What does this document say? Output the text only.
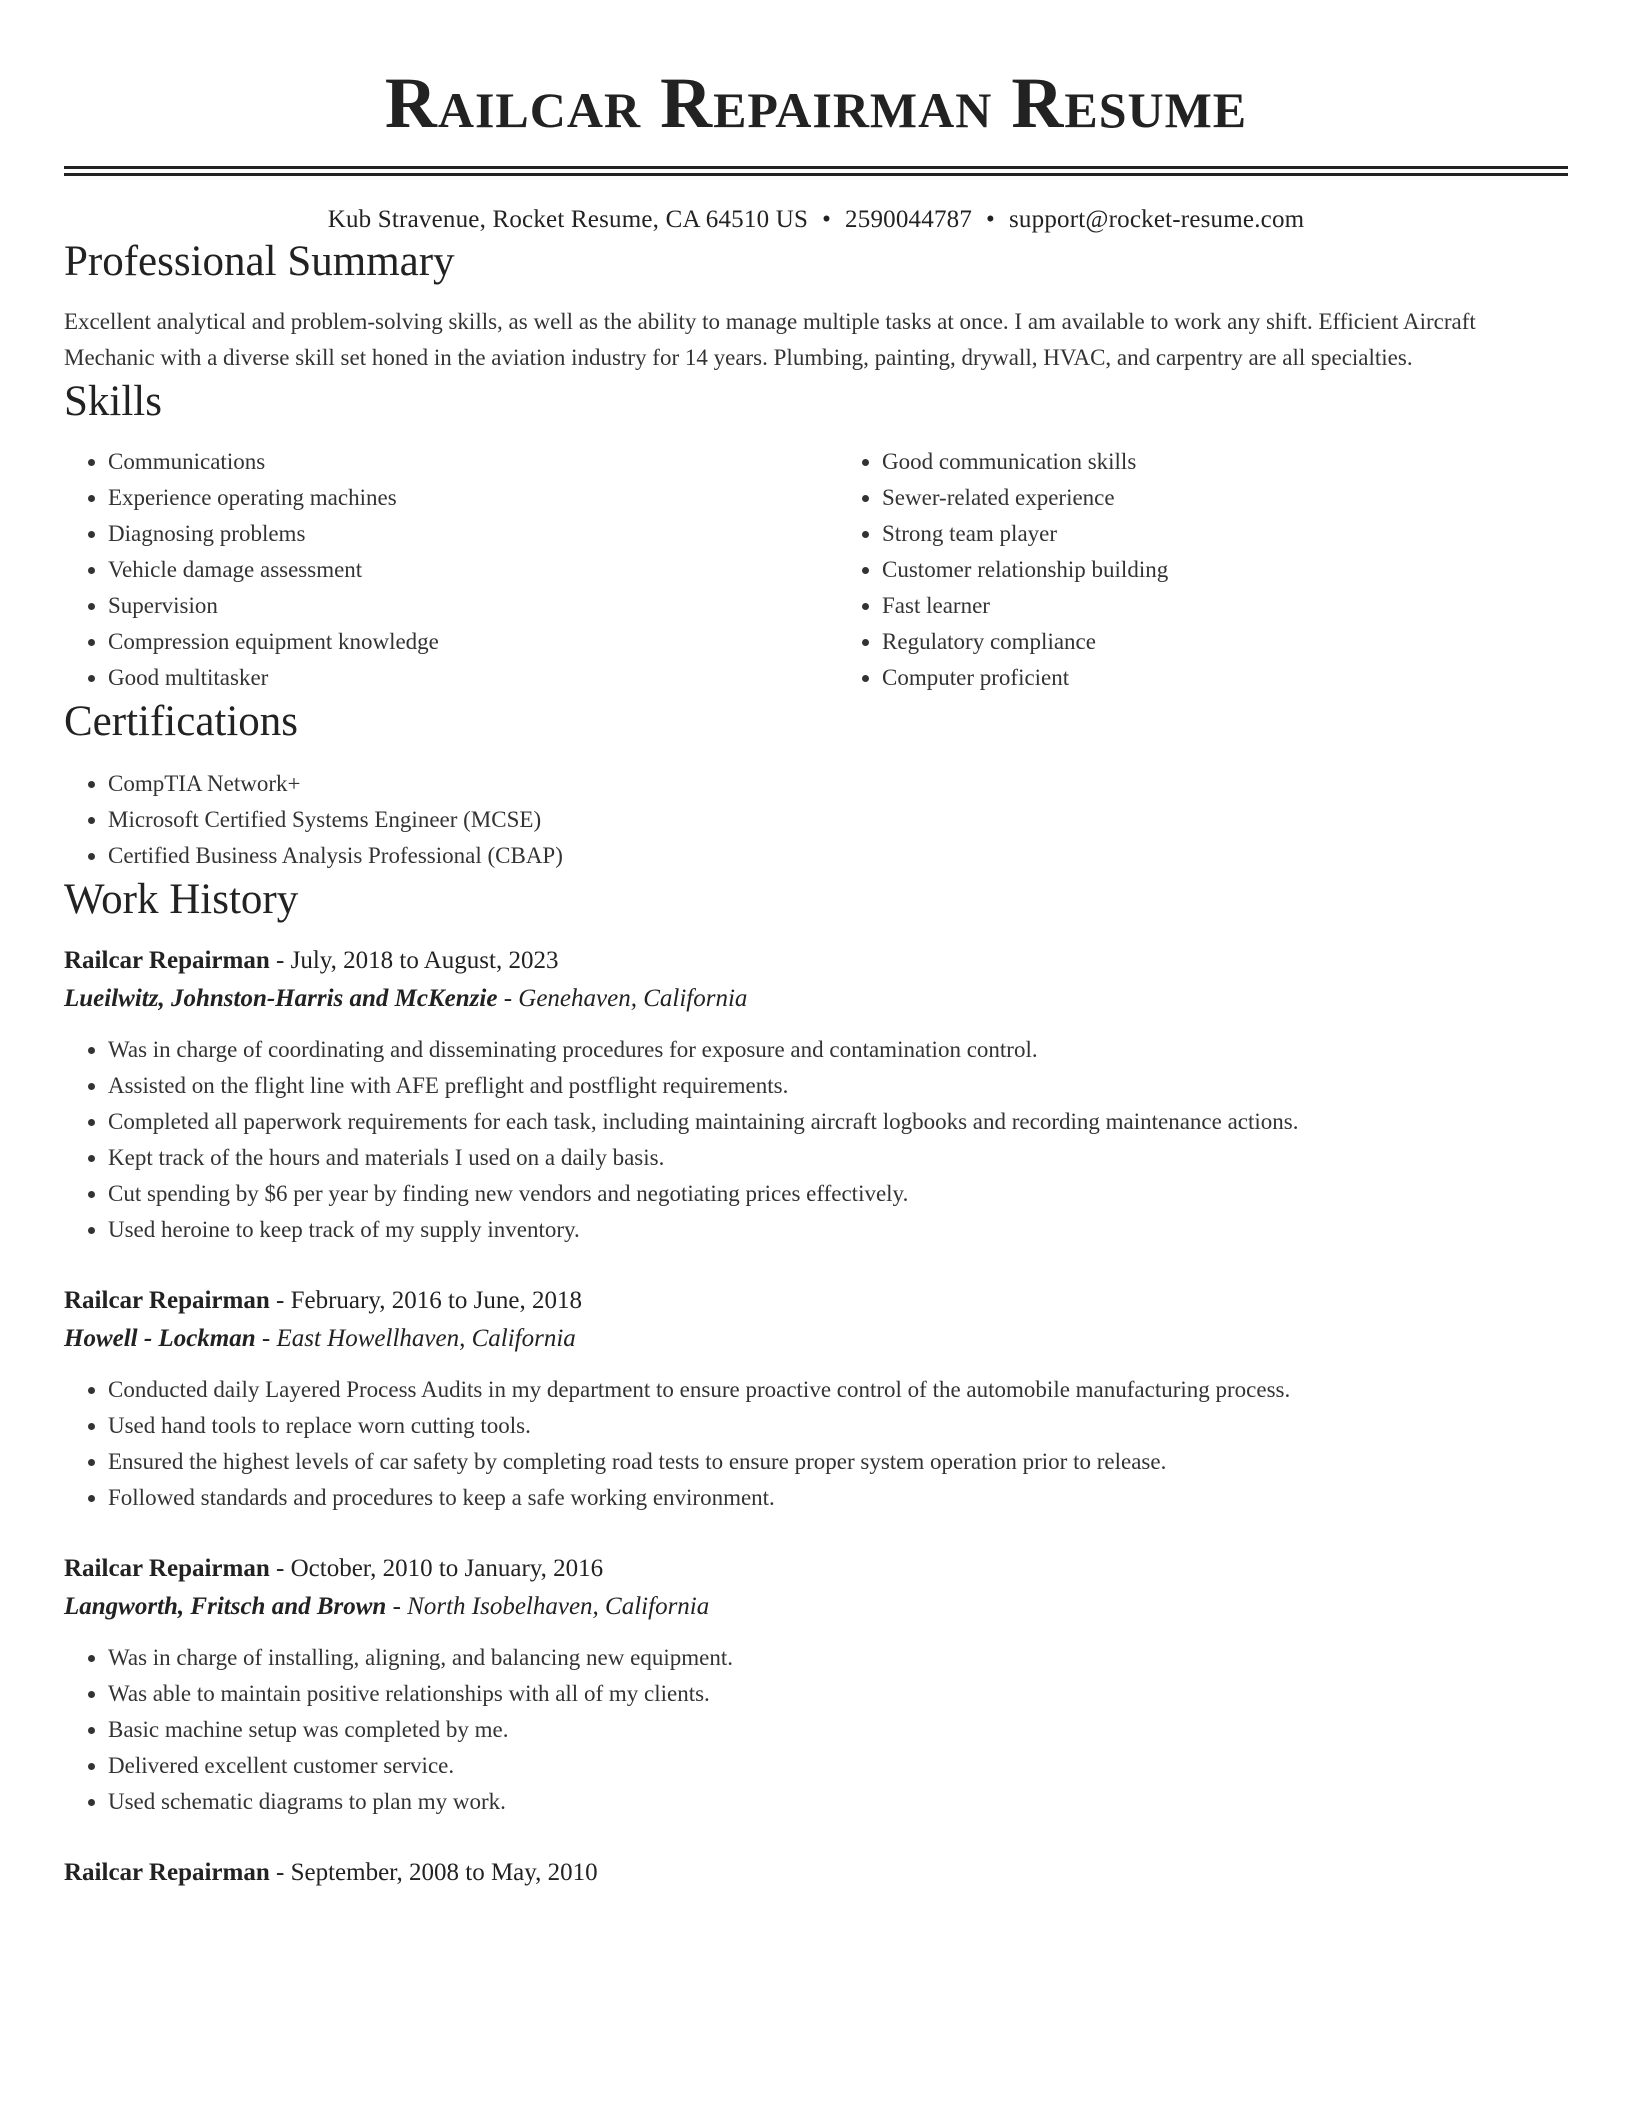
Railcar Repairman Resume
Kub Stravenue, Rocket Resume, CA 64510 US • 2590044787 • support@rocket-resume.com
Professional Summary

Excellent analytical and problem-solving skills, as well as the ability to manage multiple tasks at once. I am available to work any shift. Efficient Aircraft Mechanic with a diverse skill set honed in the aviation industry for 14 years. Plumbing, painting, drywall, HVAC, and carpentry are all specialties.

Skills
• Communications
• Experience operating machines
• Diagnosing problems
• Vehicle damage assessment
• Supervision
• Compression equipment knowledge
• Good multitasker
• Good communication skills
• Sewer-related experience
• Strong team player
• Customer relationship building
• Fast learner
• Regulatory compliance
• Computer proficient
Certifications
• CompTIA Network+
• Microsoft Certified Systems Engineer (MCSE)
• Certified Business Analysis Professional (CBAP)
Work History
Railcar Repairman - July, 2018 to August, 2023
Lueilwitz, Johnston-Harris and McKenzie - Genehaven, California
• Was in charge of coordinating and disseminating procedures for exposure and contamination control.
• Assisted on the flight line with AFE preflight and postflight requirements.
• Completed all paperwork requirements for each task, including maintaining aircraft logbooks and recording maintenance actions.
• Kept track of the hours and materials I used on a daily basis.
• Cut spending by $6 per year by finding new vendors and negotiating prices effectively.
• Used heroine to keep track of my supply inventory.
Railcar Repairman - February, 2016 to June, 2018
Howell - Lockman - East Howellhaven, California
• Conducted daily Layered Process Audits in my department to ensure proactive control of the automobile manufacturing process.
• Used hand tools to replace worn cutting tools.
• Ensured the highest levels of car safety by completing road tests to ensure proper system operation prior to release.
• Followed standards and procedures to keep a safe working environment.
Railcar Repairman - October, 2010 to January, 2016
Langworth, Fritsch and Brown - North Isobelhaven, California
• Was in charge of installing, aligning, and balancing new equipment.
• Was able to maintain positive relationships with all of my clients.
• Basic machine setup was completed by me.
• Delivered excellent customer service.
• Used schematic diagrams to plan my work.
Railcar Repairman - September, 2008 to May, 2010
